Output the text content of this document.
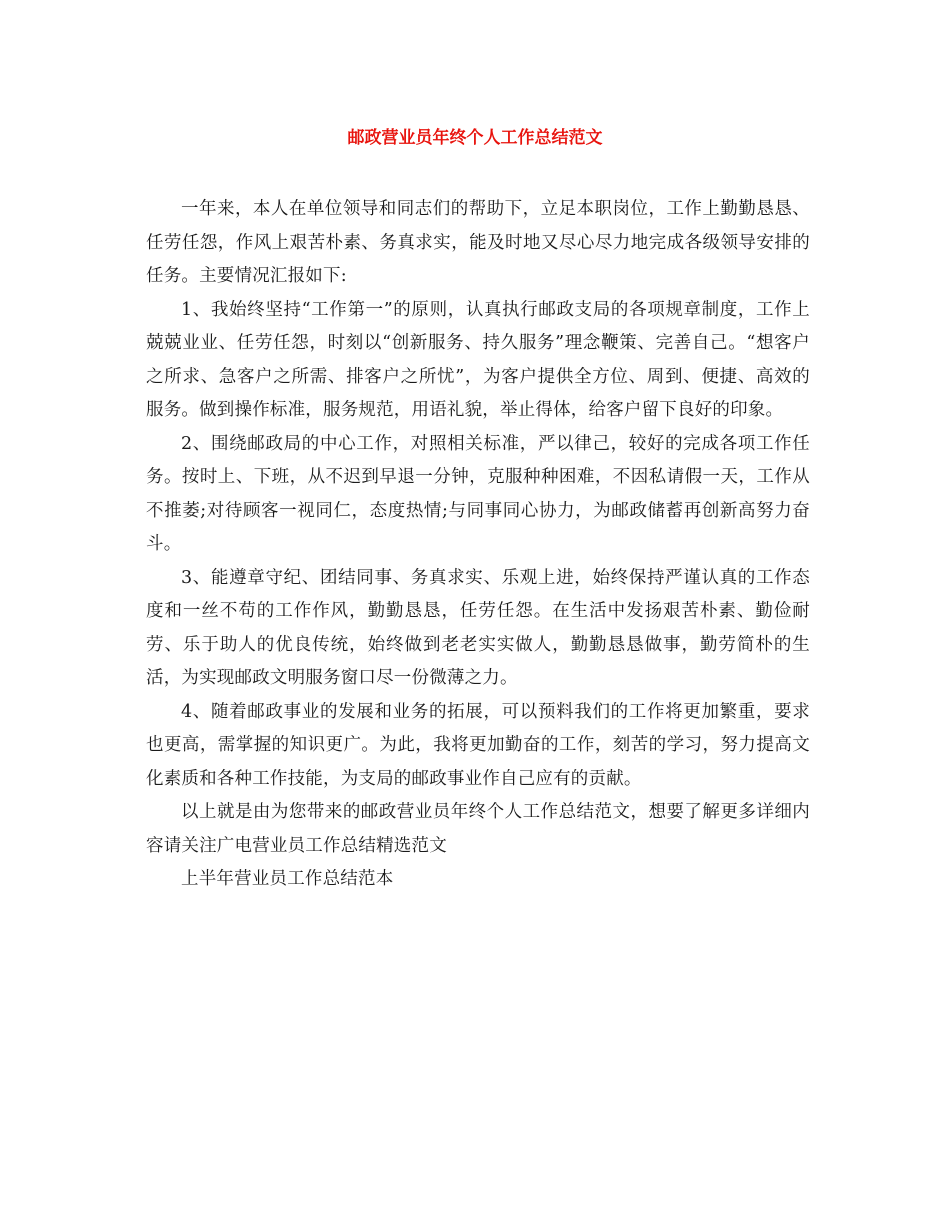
邮政营业员年终个人工作总结范文

一年来，本人在单位领导和同志们的帮助下，立足本职岗位，工作上勤勤恳恳、任劳任怨，作风上艰苦朴素、务真求实，能及时地又尽心尽力地完成各级领导安排的任务。主要情况汇报如下:

1、我始终坚持“工作第一”的原则，认真执行邮政支局的各项规章制度，工作上兢兢业业、任劳任怨，时刻以“创新服务、持久服务”理念鞭策、完善自己。“想客户之所求、急客户之所需、排客户之所忧”，为客户提供全方位、周到、便捷、高效的服务。做到操作标准，服务规范，用语礼貌，举止得体，给客户留下良好的印象。

2、围绕邮政局的中心工作，对照相关标准，严以律己，较好的完成各项工作任务。按时上、下班，从不迟到早退一分钟，克服种种困难，不因私请假一天，工作从不推萎;对待顾客一视同仁，态度热情;与同事同心协力，为邮政储蓄再创新高努力奋斗。

3、能遵章守纪、团结同事、务真求实、乐观上进，始终保持严谨认真的工作态度和一丝不苟的工作作风，勤勤恳恳，任劳任怨。在生活中发扬艰苦朴素、勤俭耐劳、乐于助人的优良传统，始终做到老老实实做人，勤勤恳恳做事，勤劳简朴的生活，为实现邮政文明服务窗口尽一份微薄之力。

4、随着邮政事业的发展和业务的拓展，可以预料我们的工作将更加繁重，要求也更高，需掌握的知识更广。为此，我将更加勤奋的工作，刻苦的学习，努力提高文化素质和各种工作技能，为支局的邮政事业作自己应有的贡献。

以上就是由为您带来的邮政营业员年终个人工作总结范文，想要了解更多详细内容请关注广电营业员工作总结精选范文

上半年营业员工作总结范本
